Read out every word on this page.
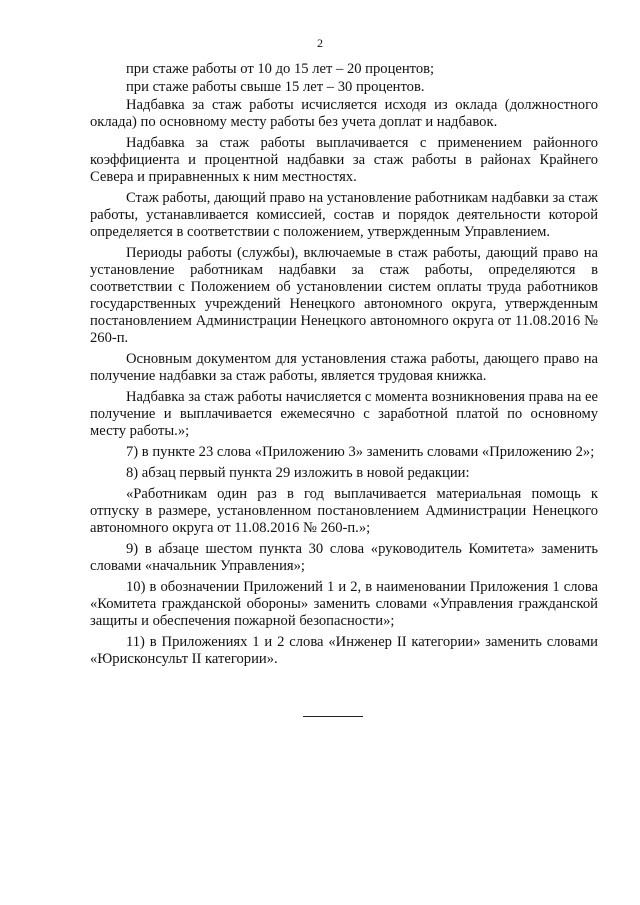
2

при стаже работы от 10 до 15 лет – 20 процентов;

при стаже работы свыше 15 лет – 30 процентов.

Надбавка за стаж работы исчисляется исходя из оклада (должностного оклада) по основному месту работы без учета доплат и надбавок.

Надбавка за стаж работы выплачивается с применением районного коэффициента и процентной надбавки за стаж работы в районах Крайнего Севера и приравненных к ним местностях.

Стаж работы, дающий право на установление работникам надбавки за стаж работы, устанавливается комиссией, состав и порядок деятельности которой определяется в соответствии с положением, утвержденным Управлением.

Периоды работы (службы), включаемые в стаж работы, дающий право на установление работникам надбавки за стаж работы, определяются в соответствии с Положением об установлении систем оплаты труда работников государственных учреждений Ненецкого автономного округа, утвержденным постановлением Администрации Ненецкого автономного округа от 11.08.2016 № 260-п.

Основным документом для установления стажа работы, дающего право на получение надбавки за стаж работы, является трудовая книжка.

Надбавка за стаж работы начисляется с момента возникновения права на ее получение и выплачивается ежемесячно с заработной платой по основному месту работы.»;

7) в пункте 23 слова «Приложению 3» заменить словами «Приложению 2»;

8) абзац первый пункта 29 изложить в новой редакции:

«Работникам один раз в год выплачивается материальная помощь к отпуску в размере, установленном постановлением Администрации Ненецкого автономного округа от 11.08.2016 № 260-п.»;

9) в абзаце шестом пункта 30 слова «руководитель Комитета» заменить словами «начальник Управления»;

10) в обозначении Приложений 1 и 2, в наименовании Приложения 1 слова «Комитета гражданской обороны» заменить словами «Управления гражданской защиты и обеспечения пожарной безопасности»;

11) в Приложениях 1 и 2 слова «Инженер II категории» заменить словами «Юрисконсульт II категории».
